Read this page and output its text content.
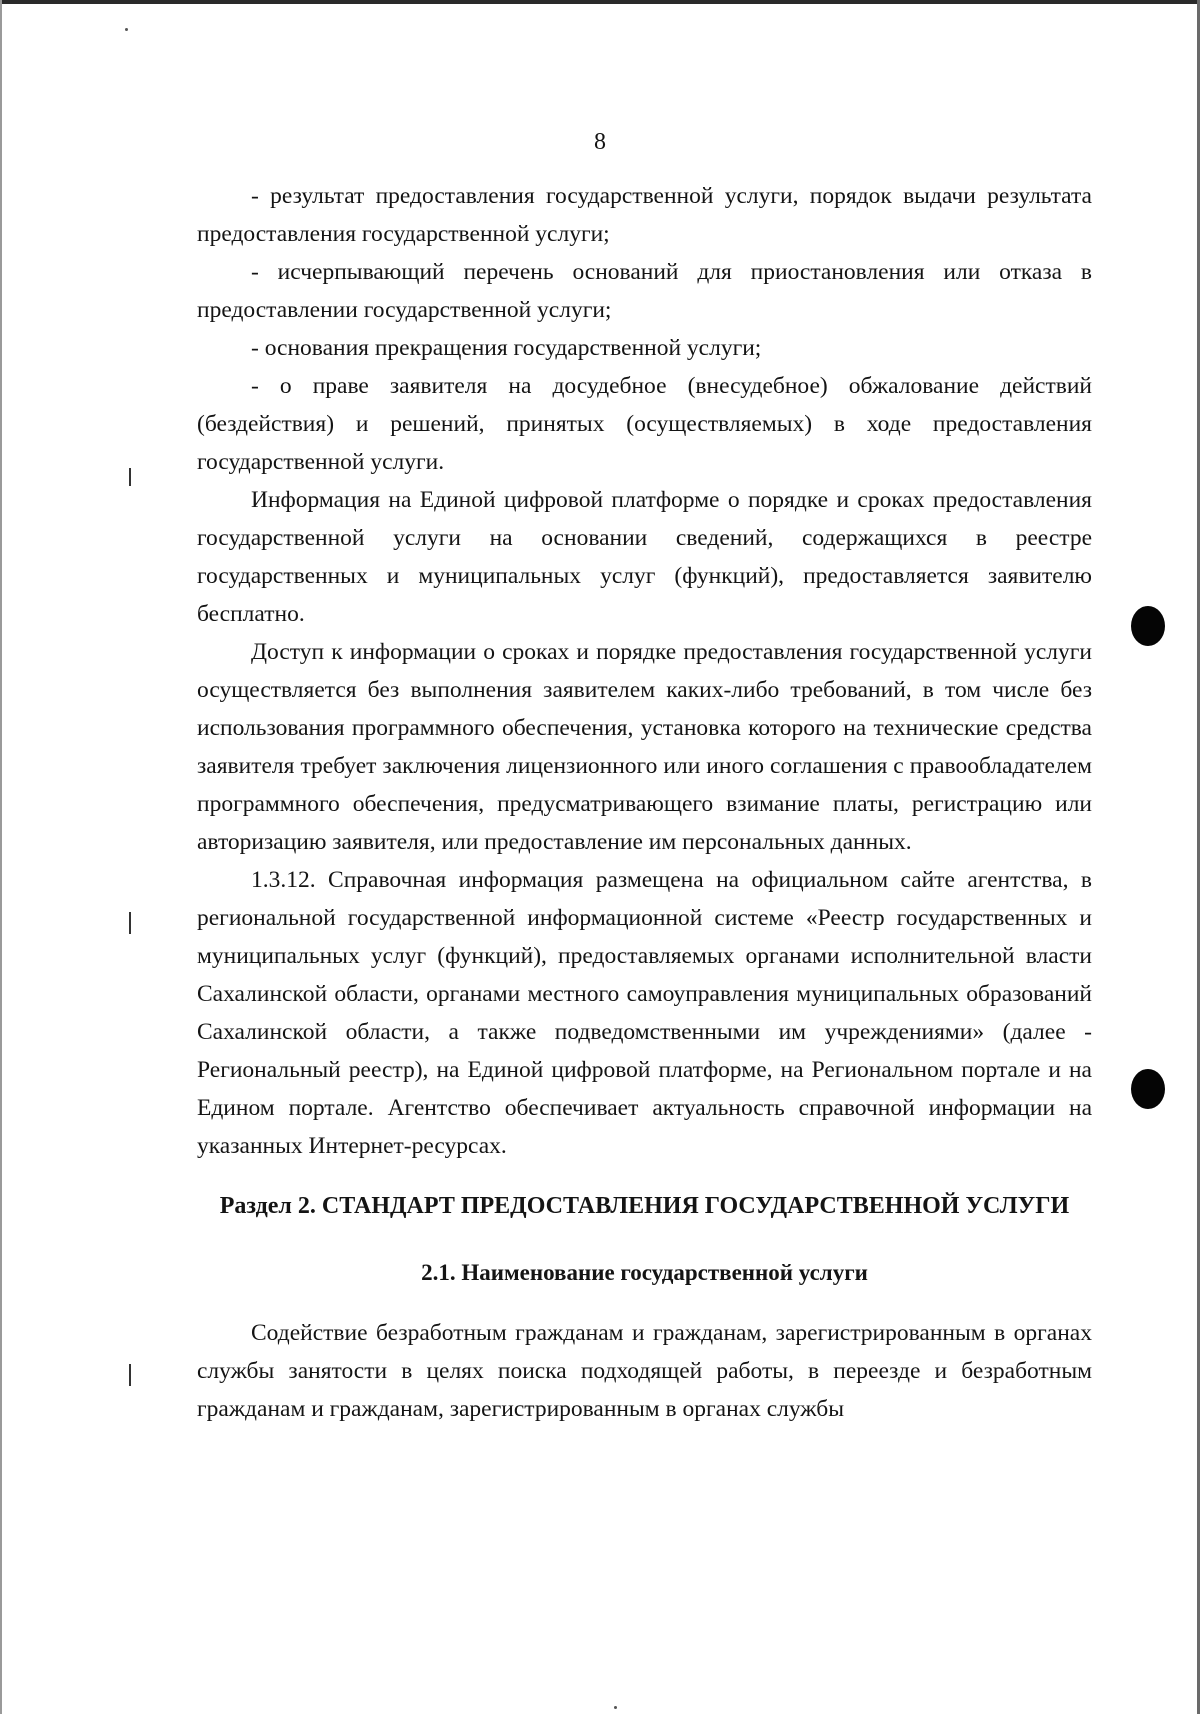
8

- результат предоставления государственной услуги, порядок выдачи результата предоставления государственной услуги;

- исчерпывающий перечень оснований для приостановления или отказа в предоставлении государственной услуги;

- основания прекращения государственной услуги;

- о праве заявителя на досудебное (внесудебное) обжалование действий (бездействия) и решений, принятых (осуществляемых) в ходе предоставления государственной услуги.

Информация на Единой цифровой платформе о порядке и сроках предоставления государственной услуги на основании сведений, содержащихся в реестре государственных и муниципальных услуг (функций), предоставляется заявителю бесплатно.

Доступ к информации о сроках и порядке предоставления государственной услуги осуществляется без выполнения заявителем каких-либо требований, в том числе без использования программного обеспечения, установка которого на технические средства заявителя требует заключения лицензионного или иного соглашения с правообладателем программного обеспечения, предусматривающего взимание платы, регистрацию или авторизацию заявителя, или предоставление им персональных данных.

1.3.12. Справочная информация размещена на официальном сайте агентства, в региональной государственной информационной системе «Реестр государственных и муниципальных услуг (функций), предоставляемых органами исполнительной власти Сахалинской области, органами местного самоуправления муниципальных образований Сахалинской области, а также подведомственными им учреждениями» (далее - Региональный реестр), на Единой цифровой платформе, на Региональном портале и на Едином портале. Агентство обеспечивает актуальность справочной информации на указанных Интернет-ресурсах.

Раздел 2. СТАНДАРТ ПРЕДОСТАВЛЕНИЯ ГОСУДАРСТВЕННОЙ УСЛУГИ
2.1. Наименование государственной услуги

Содействие безработным гражданам и гражданам, зарегистрированным в органах службы занятости в целях поиска подходящей работы, в переезде и безработным гражданам и гражданам, зарегистрированным в органах службы
